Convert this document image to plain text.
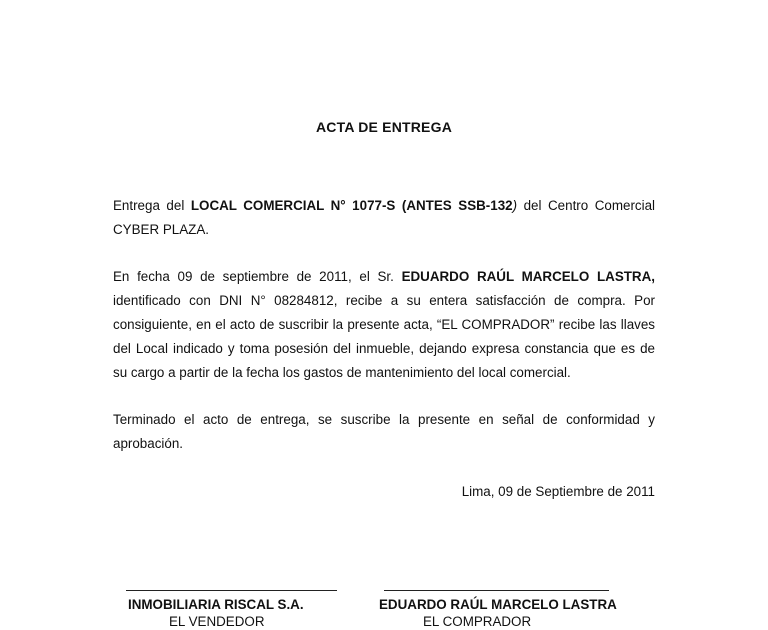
ACTA DE ENTREGA
Entrega del LOCAL COMERCIAL N° 1077-S (ANTES SSB-132) del Centro Comercial CYBER PLAZA.
En fecha 09 de septiembre de 2011, el Sr. EDUARDO RAÚL MARCELO LASTRA, identificado con DNI N° 08284812, recibe a su entera satisfacción de compra. Por consiguiente, en el acto de suscribir la presente acta, “EL COMPRADOR” recibe las llaves del Local indicado y toma posesión del inmueble, dejando expresa constancia que es de su cargo a partir de la fecha los gastos de mantenimiento del local comercial.
Terminado el acto de entrega, se suscribe la presente en señal de conformidad y aprobación.
Lima, 09 de Septiembre de 2011
INMOBILIARIA RISCAL S.A.	EDUARDO RAÚL MARCELO LASTRA
EL VENDEDOR	EL COMPRADOR
